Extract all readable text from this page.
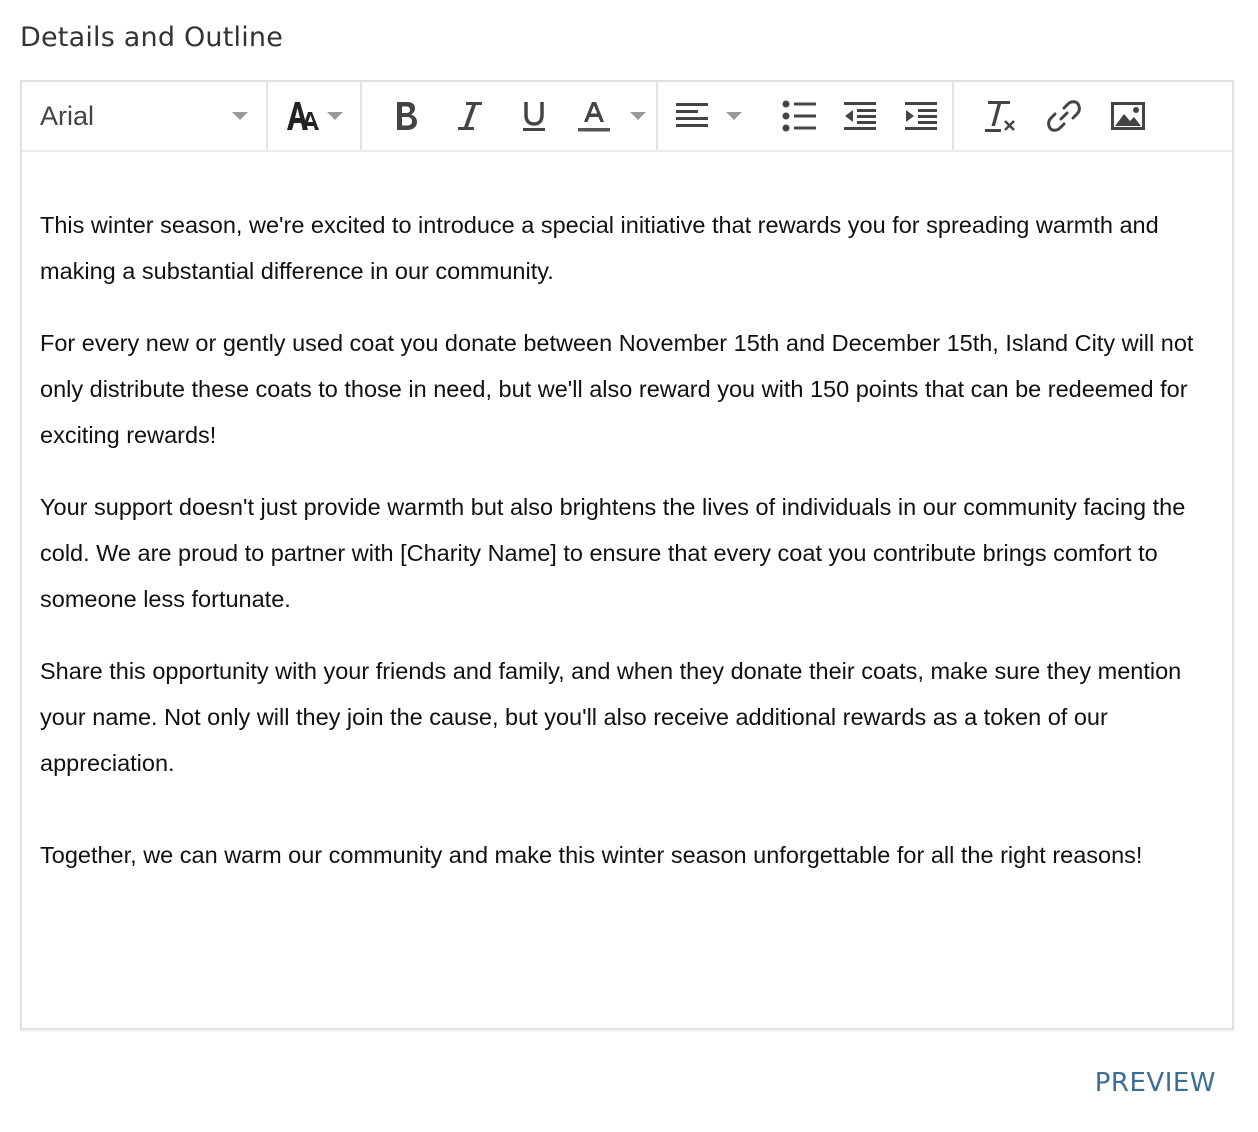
Details and Outline
Arial

This winter season, we're excited to introduce a special initiative that rewards you for spreading warmth and making a substantial difference in our community.

For every new or gently used coat you donate between November 15th and December 15th, Island City will not only distribute these coats to those in need, but we'll also reward you with 150 points that can be redeemed for exciting rewards!

Your support doesn't just provide warmth but also brightens the lives of individuals in our community facing the cold. We are proud to partner with [Charity Name] to ensure that every coat you contribute brings comfort to someone less fortunate.

Share this opportunity with your friends and family, and when they donate their coats, make sure they mention your name. Not only will they join the cause, but you'll also receive additional rewards as a token of our appreciation.

Together, we can warm our community and make this winter season unforgettable for all the right reasons!

PREVIEW
